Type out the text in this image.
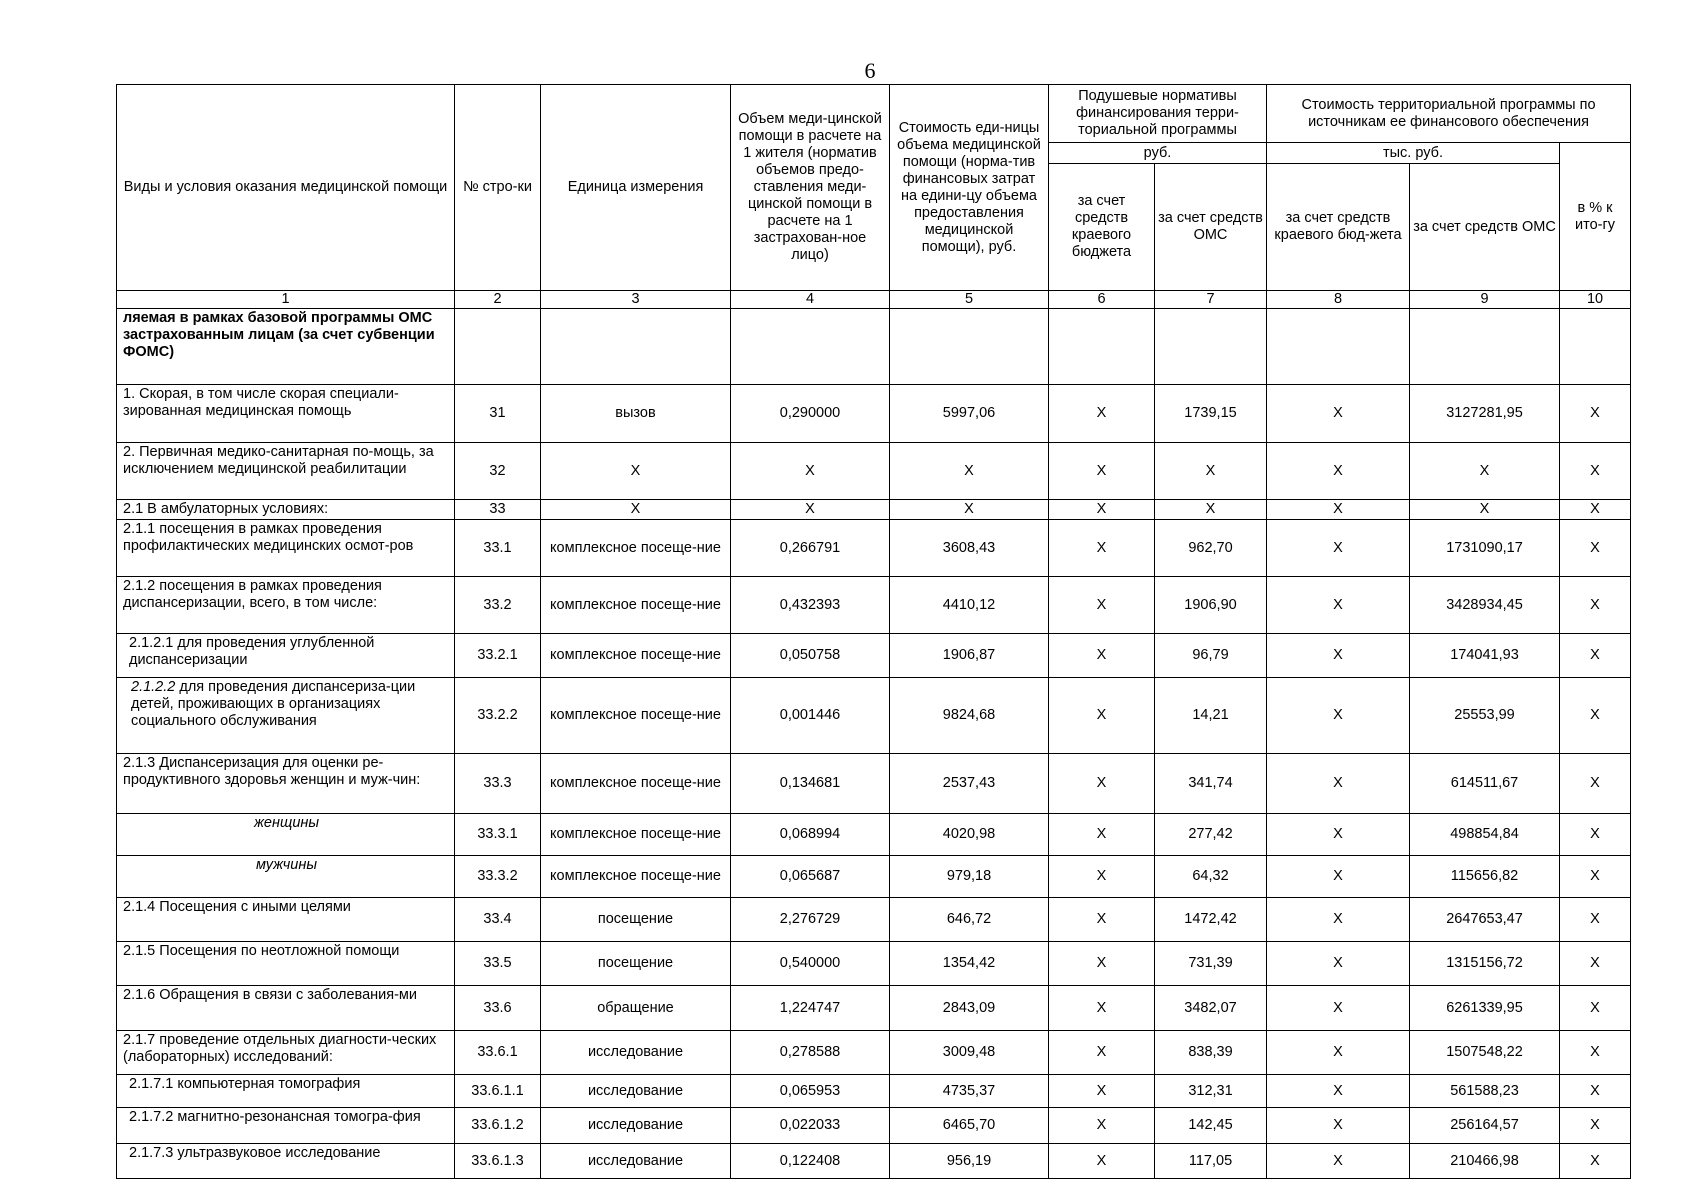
6
Виды и условия оказания медицинской помощи	№ стро-ки	Единица измерения	Объем меди-цинской помощи в расчете на 1 жителя (норматив объемов предо-ставления меди-цинской помощи в расчете на 1 застрахован-ное лицо)	Стоимость еди-ницы объема медицинской помощи (норма-тив финансовых затрат на едини-цу объема предоставления медицинской помощи), руб.	Подушевые нормативы финансирования терри-ториальной программы		Стоимость территориальной программы по источникам ее финансового обеспечения		
					руб.		тыс. руб.		в % к ито-гу
					за счет средств краевого бюджета	за счет средств ОМС	за счет средств краевого бюд-жета	за счет средств ОМС	
1	2	3	4	5	6	7	8	9	10
ляемая в рамках базовой программы ОМС застрахованным лицам (за счет субвенции ФОМС)									
1. Скорая, в том числе скорая специали-зированная медицинская помощь	31	вызов	0,290000	5997,06	X	1739,15	X	3127281,95	X
2. Первичная медико-санитарная по-мощь, за исключением медицинской реабилитации	32	X	X	X	X	X	X	X	X
2.1 В амбулаторных условиях:	33	X	X	X	X	X	X	X	X
2.1.1 посещения в рамках проведения профилактических медицинских осмот-ров	33.1	комплексное посеще-ние	0,266791	3608,43	X	962,70	X	1731090,17	X
2.1.2 посещения в рамках проведения диспансеризации, всего, в том числе:	33.2	комплексное посеще-ние	0,432393	4410,12	X	1906,90	X	3428934,45	X
2.1.2.1 для проведения углубленной диспансеризации	33.2.1	комплексное посеще-ние	0,050758	1906,87	X	96,79	X	174041,93	X
2.1.2.2 для проведения диспансериза-ции детей, проживающих в организациях социального обслуживания	33.2.2	комплексное посеще-ние	0,001446	9824,68	X	14,21	X	25553,99	X
2.1.3 Диспансеризация для оценки ре-продуктивного здоровья женщин и муж-чин:	33.3	комплексное посеще-ние	0,134681	2537,43	X	341,74	X	614511,67	X
женщины	33.3.1	комплексное посеще-ние	0,068994	4020,98	X	277,42	X	498854,84	X
мужчины	33.3.2	комплексное посеще-ние	0,065687	979,18	X	64,32	X	115656,82	X
2.1.4 Посещения с иными целями	33.4	посещение	2,276729	646,72	X	1472,42	X	2647653,47	X
2.1.5 Посещения по неотложной помощи	33.5	посещение	0,540000	1354,42	X	731,39	X	1315156,72	X
2.1.6 Обращения в связи с заболевания-ми	33.6	обращение	1,224747	2843,09	X	3482,07	X	6261339,95	X
2.1.7 проведение отдельных диагности-ческих (лабораторных) исследований:	33.6.1	исследование	0,278588	3009,48	X	838,39	X	1507548,22	X
2.1.7.1 компьютерная томография	33.6.1.1	исследование	0,065953	4735,37	X	312,31	X	561588,23	X
2.1.7.2 магнитно-резонансная томогра-фия	33.6.1.2	исследование	0,022033	6465,70	X	142,45	X	256164,57	X
2.1.7.3 ультразвуковое исследование	33.6.1.3	исследование	0,122408	956,19	X	117,05	X	210466,98	X
